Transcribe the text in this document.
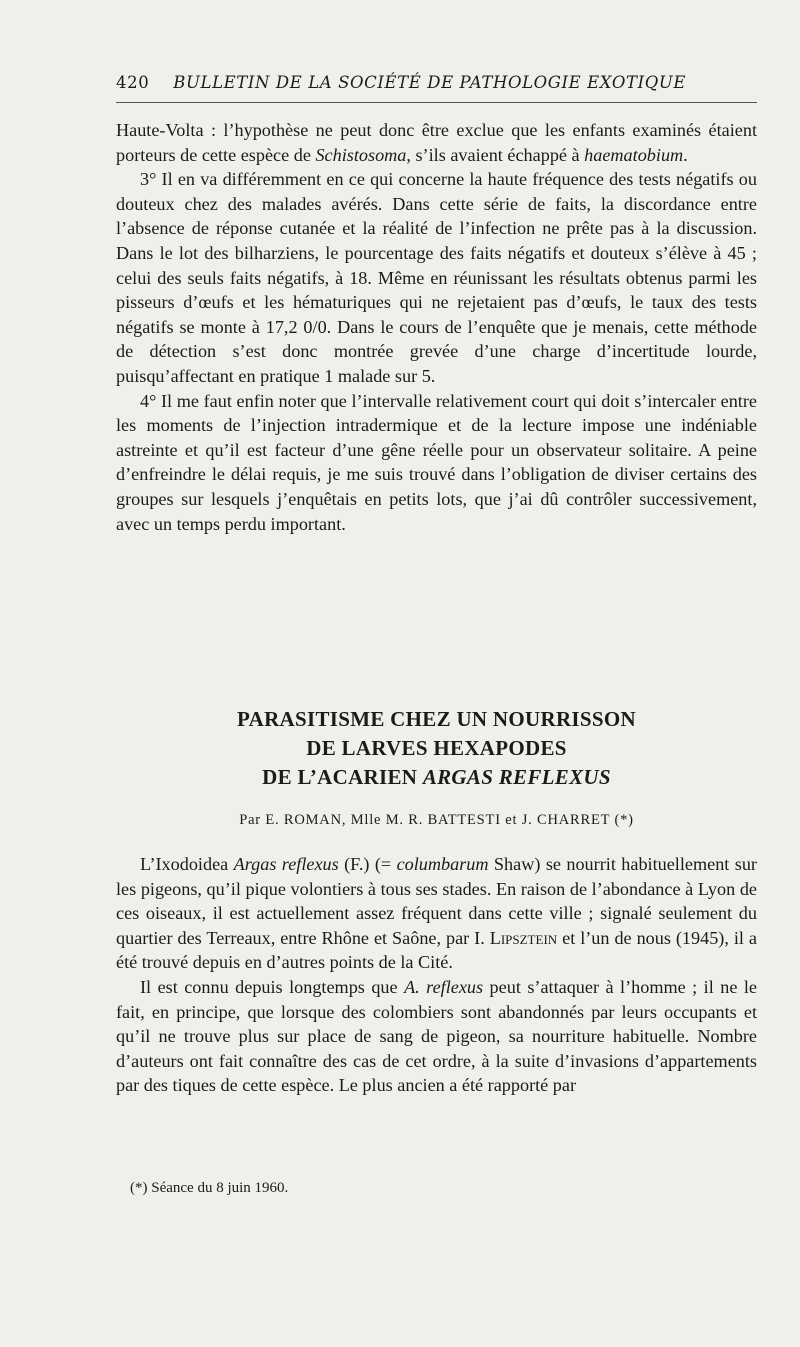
420 BULLETIN DE LA SOCIÉTÉ DE PATHOLOGIE EXOTIQUE

Haute-Volta : l’hypothèse ne peut donc être exclue que les enfants examinés étaient porteurs de cette espèce de Schistosoma, s’ils avaient échappé à haematobium.

3° Il en va différemment en ce qui concerne la haute fréquence des tests négatifs ou douteux chez des malades avérés. Dans cette série de faits, la discordance entre l’absence de réponse cutanée et la réalité de l’infection ne prête pas à la discussion. Dans le lot des bilharziens, le pourcentage des faits négatifs et douteux s’élève à 45 ; celui des seuls faits négatifs, à 18. Même en réunissant les résultats obtenus parmi les pisseurs d’œufs et les hématuriques qui ne rejetaient pas d’œufs, le taux des tests négatifs se monte à 17,2 0/0. Dans le cours de l’enquête que je menais, cette méthode de détection s’est donc montrée grevée d’une charge d’incertitude lourde, puisqu’affectant en pratique 1 malade sur 5.

4° Il me faut enfin noter que l’intervalle relativement court qui doit s’intercaler entre les moments de l’injection intradermique et de la lecture impose une indéniable astreinte et qu’il est facteur d’une gêne réelle pour un observateur solitaire. A peine d’enfreindre le délai requis, je me suis trouvé dans l’obligation de diviser certains des groupes sur lesquels j’enquêtais en petits lots, que j’ai dû contrôler successivement, avec un temps perdu important.

PARASITISME CHEZ UN NOURRISSON
DE LARVES HEXAPODES
DE L’ACARIEN ARGAS REFLEXUS
Par E. ROMAN, Mlle M. R. BATTESTI et J. CHARRET (*)

L’Ixodoidea Argas reflexus (F.) (= columbarum Shaw) se nourrit habituellement sur les pigeons, qu’il pique volontiers à tous ses stades. En raison de l’abondance à Lyon de ces oiseaux, il est actuellement assez fréquent dans cette ville ; signalé seulement du quartier des Terreaux, entre Rhône et Saône, par I. Lipsztein et l’un de nous (1945), il a été trouvé depuis en d’autres points de la Cité.

Il est connu depuis longtemps que A. reflexus peut s’attaquer à l’homme ; il ne le fait, en principe, que lorsque des colombiers sont abandonnés par leurs occupants et qu’il ne trouve plus sur place de sang de pigeon, sa nourriture habituelle. Nombre d’auteurs ont fait connaître des cas de cet ordre, à la suite d’invasions d’appartements par des tiques de cette espèce. Le plus ancien a été rapporté par

(*) Séance du 8 juin 1960.
